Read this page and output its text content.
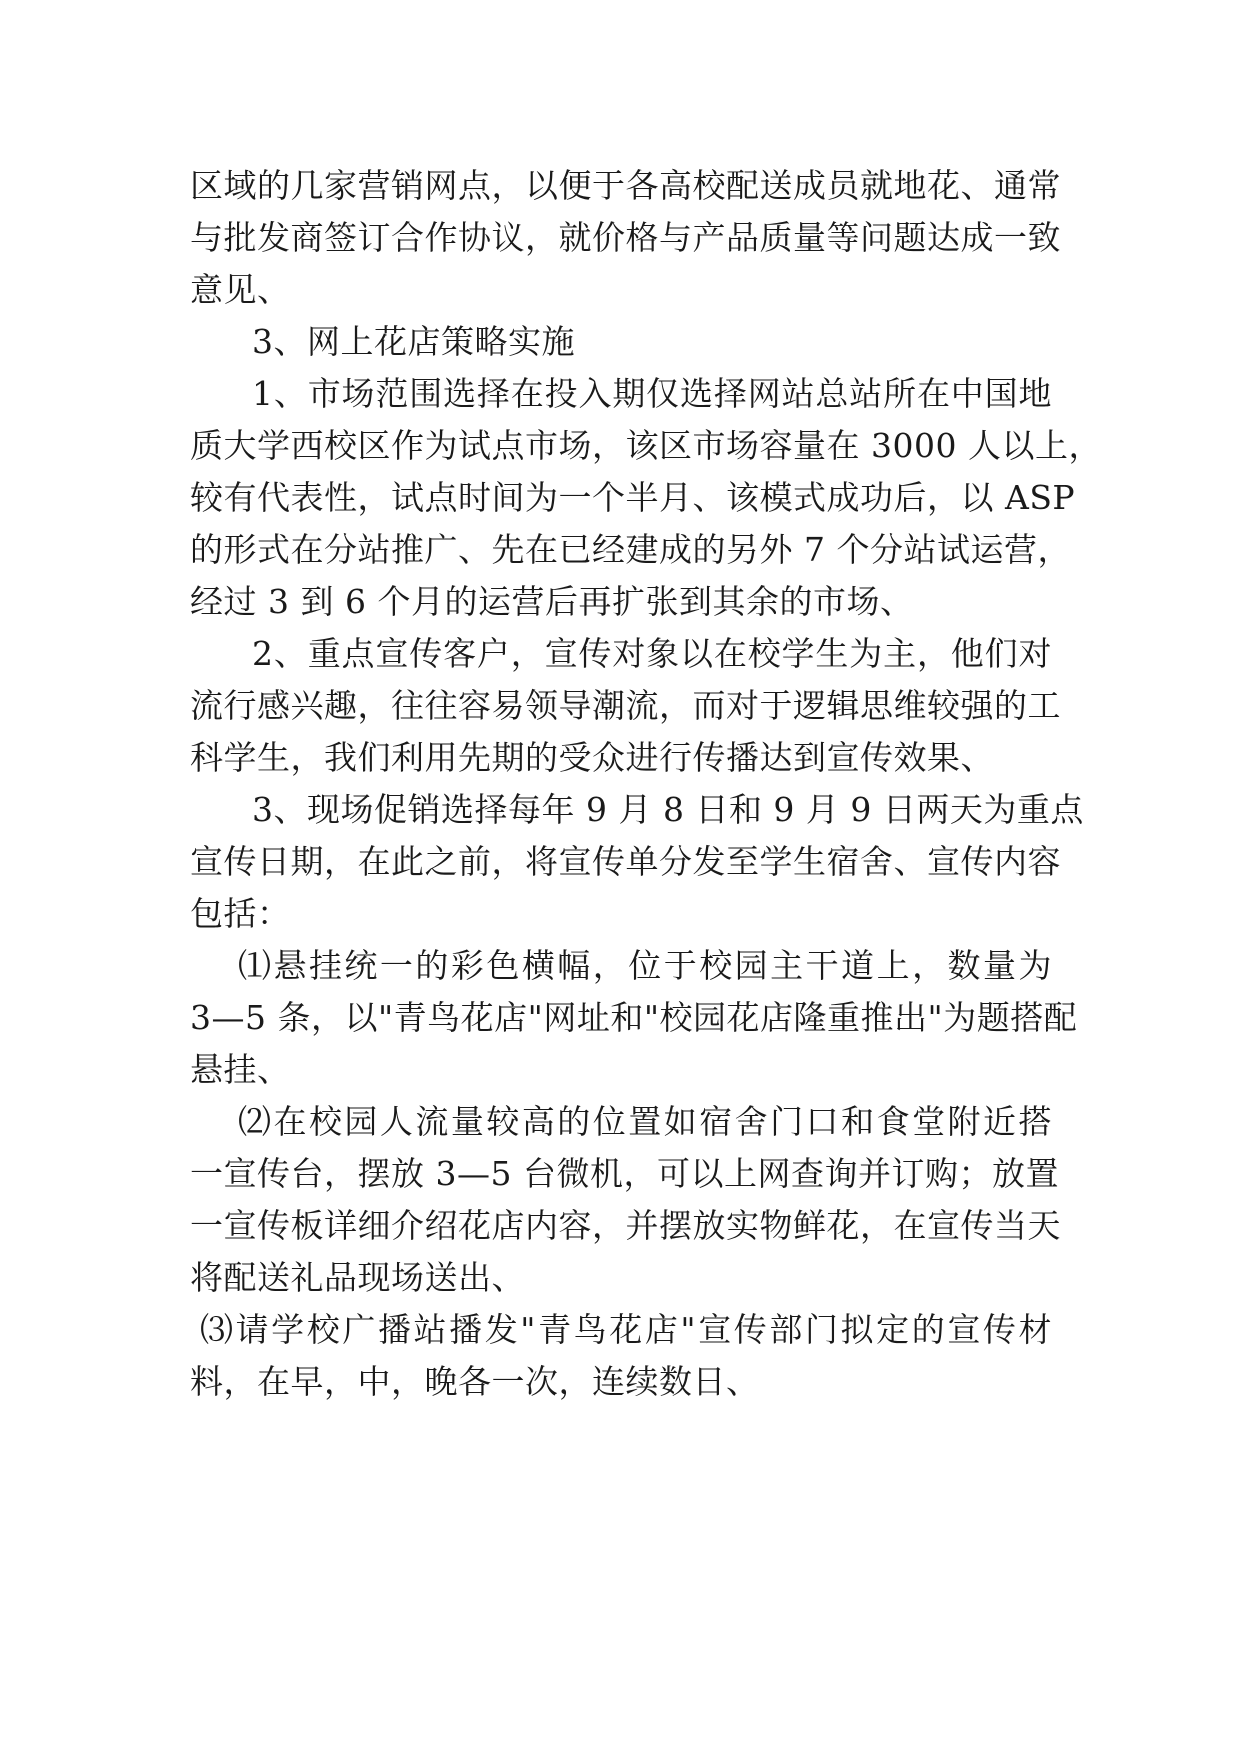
区域的几家营销网点，以便于各高校配送成员就地花、通常
与批发商签订合作协议，就价格与产品质量等问题达成一致
意见、
3、网上花店策略实施
1、市场范围选择在投入期仅选择网站总站所在中国地
质大学西校区作为试点市场，该区市场容量在 3000 人以上，
较有代表性，试点时间为一个半月、该模式成功后，以 ASP
的形式在分站推广、先在已经建成的另外 7 个分站试运营，
经过 3 到 6 个月的运营后再扩张到其余的市场、
2、重点宣传客户，宣传对象以在校学生为主，他们对
流行感兴趣，往往容易领导潮流，而对于逻辑思维较强的工
科学生，我们利用先期的受众进行传播达到宣传效果、
3、现场促销选择每年 9 月 8 日和 9 月 9 日两天为重点
宣传日期，在此之前，将宣传单分发至学生宿舍、宣传内容
包括：
⑴悬挂统一的彩色横幅，位于校园主干道上，数量为
3—5 条，以"青鸟花店"网址和"校园花店隆重推出"为题搭配
悬挂、
⑵在校园人流量较高的位置如宿舍门口和食堂附近搭
一宣传台，摆放 3—5 台微机，可以上网查询并订购；放置
一宣传板详细介绍花店内容，并摆放实物鲜花，在宣传当天
将配送礼品现场送出、
⑶请学校广播站播发"青鸟花店"宣传部门拟定的宣传材
料，在早，中，晚各一次，连续数日、
